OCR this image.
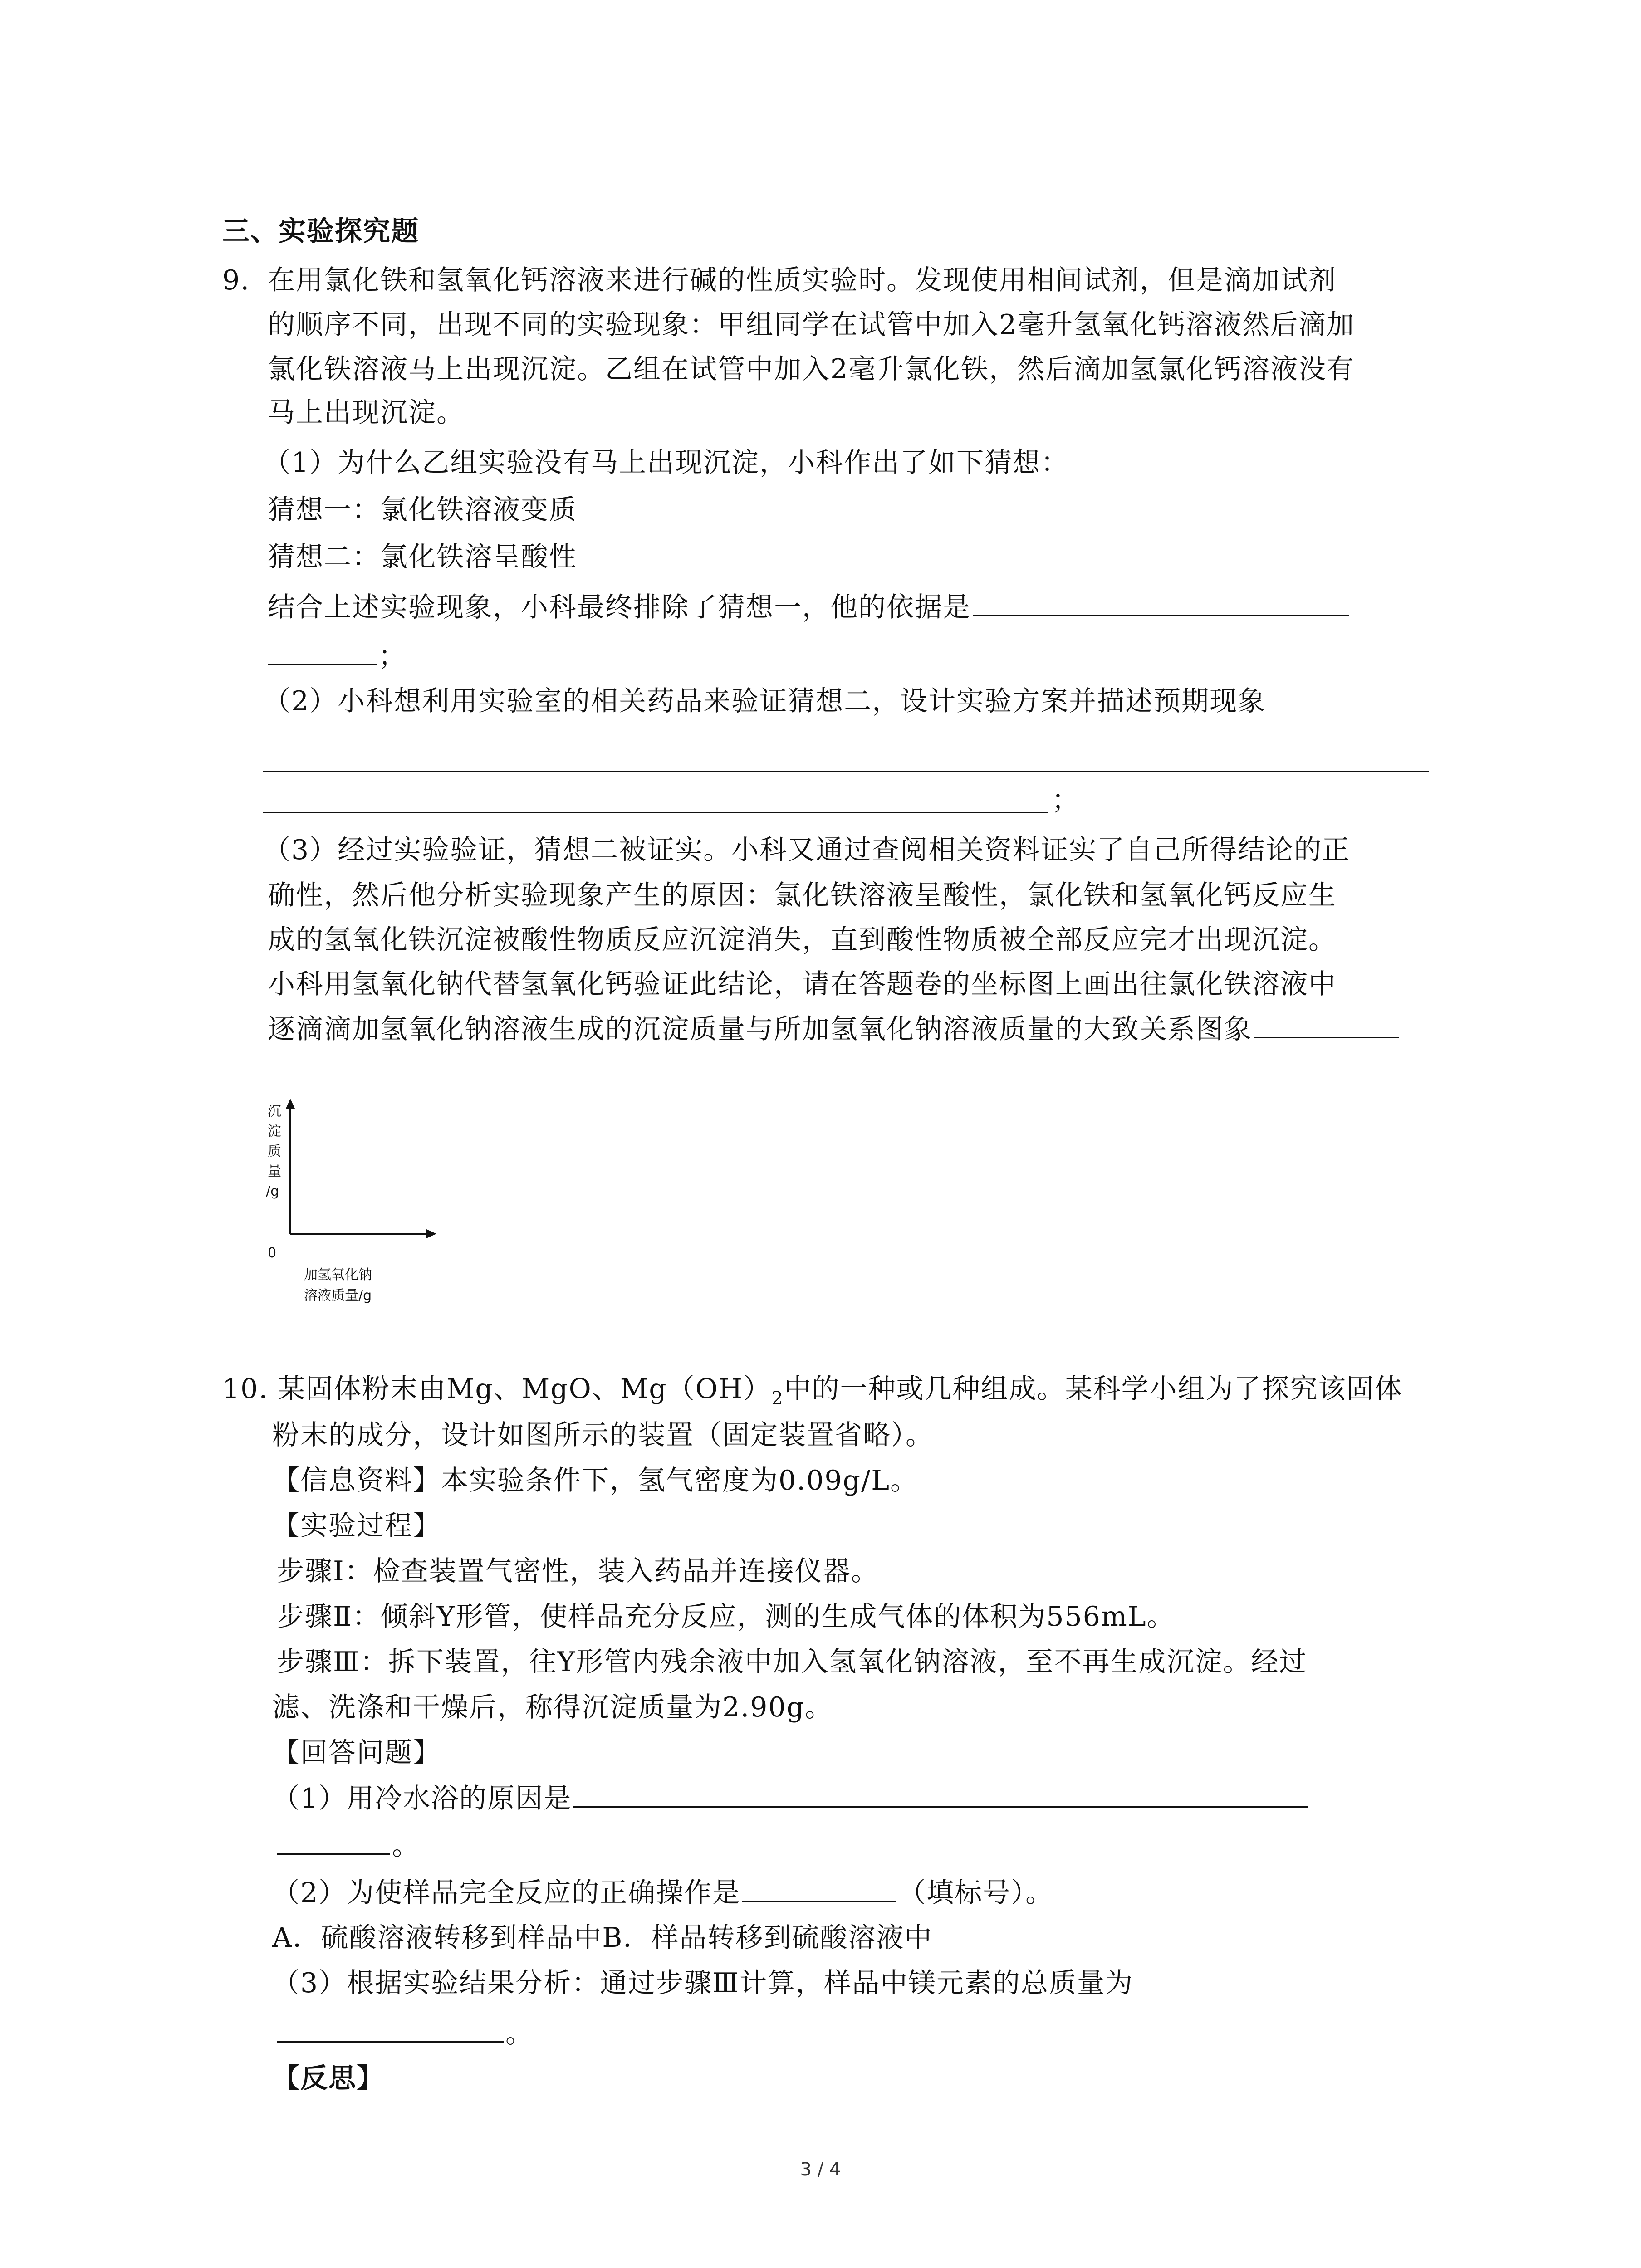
三、实验探究题
9. 在用氯化铁和氢氧化钙溶液来进行碱的性质实验时。发现使用相间试剂，但是滴加试剂
的顺序不同，出现不同的实验现象：甲组同学在试管中加入2毫升氢氧化钙溶液然后滴加
氯化铁溶液马上出现沉淀。乙组在试管中加入2毫升氯化铁，然后滴加氢氯化钙溶液没有
马上出现沉淀。
（1）为什么乙组实验没有马上出现沉淀，小科作出了如下猜想：
猜想一：氯化铁溶液变质
猜想二：氯化铁溶呈酸性
结合上述实验现象，小科最终排除了猜想一，他的依据是
；
（2）小科想利用实验室的相关药品来验证猜想二，设计实验方案并描述预期现象
；
（3）经过实验验证，猜想二被证实。小科又通过查阅相关资料证实了自己所得结论的正
确性，然后他分析实验现象产生的原因：氯化铁溶液呈酸性，氯化铁和氢氧化钙反应生
成的氢氧化铁沉淀被酸性物质反应沉淀消失，直到酸性物质被全部反应完才出现沉淀。
小科用氢氧化钠代替氢氧化钙验证此结论，请在答题卷的坐标图上画出往氯化铁溶液中
逐滴滴加氢氧化钠溶液生成的沉淀质量与所加氢氧化钠溶液质量的大致关系图象
沉
淀
质
量
/g
0
加氢氧化钠
溶液质量/g
10. 某固体粉末由Mg、MgO、$Mg(OH)_2$中的一种或几种组成。某科学小组为了探究该固体
粉末的成分，设计如图所示的装置（固定装置省略）。
【信息资料】本实验条件下，氢气密度为0.09g/L。
【实验过程】
步骤Ⅰ：检查装置气密性，装入药品并连接仪器。
步骤Ⅱ：倾斜Y形管，使样品充分反应，测的生成气体的体积为556mL。
步骤Ⅲ：拆下装置，往Y形管内残余液中加入氢氧化钠溶液，至不再生成沉淀。经过
滤、洗涤和干燥后，称得沉淀质量为2.90g。
【回答问题】
（1）用冷水浴的原因是
。
（2）为使样品完全反应的正确操作是	（填标号）。
A．硫酸溶液转移到样品中B．样品转移到硫酸溶液中
（3）根据实验结果分析：通过步骤Ⅲ计算，样品中镁元素的总质量为
。
【反思】
3 / 4
